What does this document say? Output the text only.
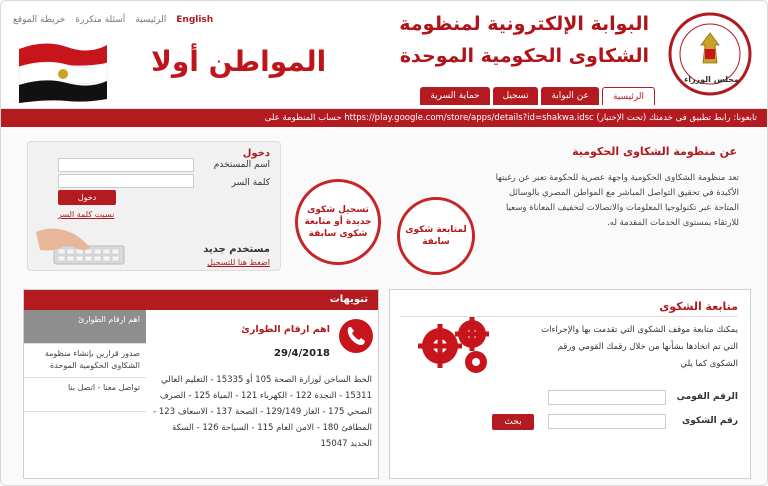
خريطة الموقع أسئلة متكررة الرئيسية English
المواطن أولا
البوابة الإلكترونية لمنظومة
الشكاوى الحكومية الموحدة
مجلس الوزراء
حماية السرية	تسجيل	عن البوابة	الرئيسية
تابعونا: رابط تطبيق فى خدمتك (تحت الإختبار) https://play.google.com/store/apps/details?id=shakwa.idsc حساب المنظومة على
دخول
اسم المستخدم
كلمة السر
دخول
نسيت كلمة السر
مستخدم جديد
اضغط هنا للتسجيل
تسجيل شكوى جديدة أو متابعة شكوى سابقة	لمتابعة شكوى سابقة
عن منظومة الشكاوى الحكومية
تعد منظومة الشكاوى الحكومية واجهة عصرية للحكومة تعبر عن رغبتها الأكيدة في تحقيق التواصل المباشر مع المواطن المصري بالوسائل المتاحة عبر تكنولوجيا المعلومات والاتصالات لتخفيف المعاناة وسعيا للارتقاء بمستوى الخدمات المقدمة له.
تنويهات
اهم ارقام الطوارئ
صدور قرارين بإنشاء منظومة الشكاوى الحكومية الموحدة
تواصل معنا - اتصل بنا
اهم ارقام الطوارئ
29/4/2018
الخط الساخن لوزارة الصحة 105 أو 15335 - التعليم العالي 15311 - النجدة 122 - الكهرباء 121 - المياة 125 - الصرف الصحي 175 - الغاز 129/149 - الصحة 137 - الاسعاف 123 - المطافئ 180 - الامن العام 115 - السياحة 126 - السكة الحديد 15047
متابعة الشكوى
يمكنك متابعة موقف الشكوى التي تقدمت بها والإجراءات التي تم اتخاذها بشأنها من خلال رقمك القومي ورقم الشكوى كما يلي
الرقم القومى
رقم الشكوى
بحث
